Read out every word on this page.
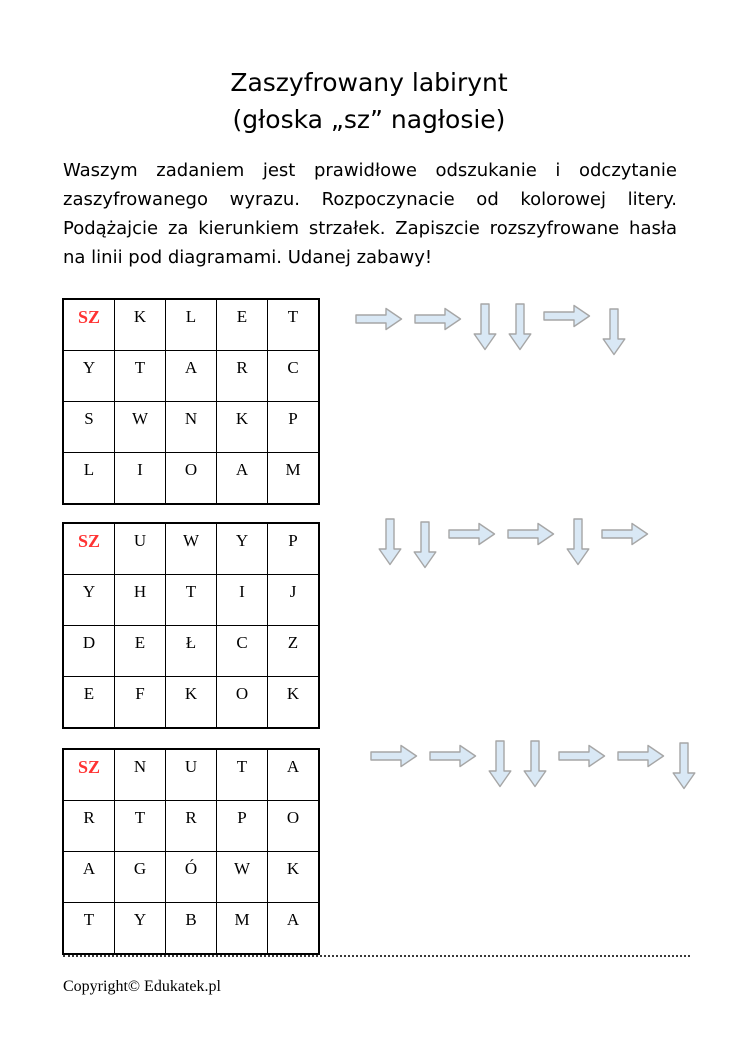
Zaszyfrowany labirynt
(głoska „sz” nagłosie)

Waszym zadaniem jest prawidłowe odszukanie i odczytanie zaszyfrowanego wyrazu. Rozpoczynacie od kolorowej litery. Podążajcie za kierunkiem strzałek. Zapiszcie rozszyfrowane hasła na linii pod diagramami. Udanej zabawy!

SZ	K	L	E	T
Y	T	A	R	C
S	W	N	K	P
L	I	O	A	M
SZ	U	W	Y	P
Y	H	T	I	J
D	E	Ł	C	Z
E	F	K	O	K
SZ	N	U	T	A
R	T	R	P	O
A	G	Ó	W	K
T	Y	B	M	A
Copyright© Edukatek.pl
